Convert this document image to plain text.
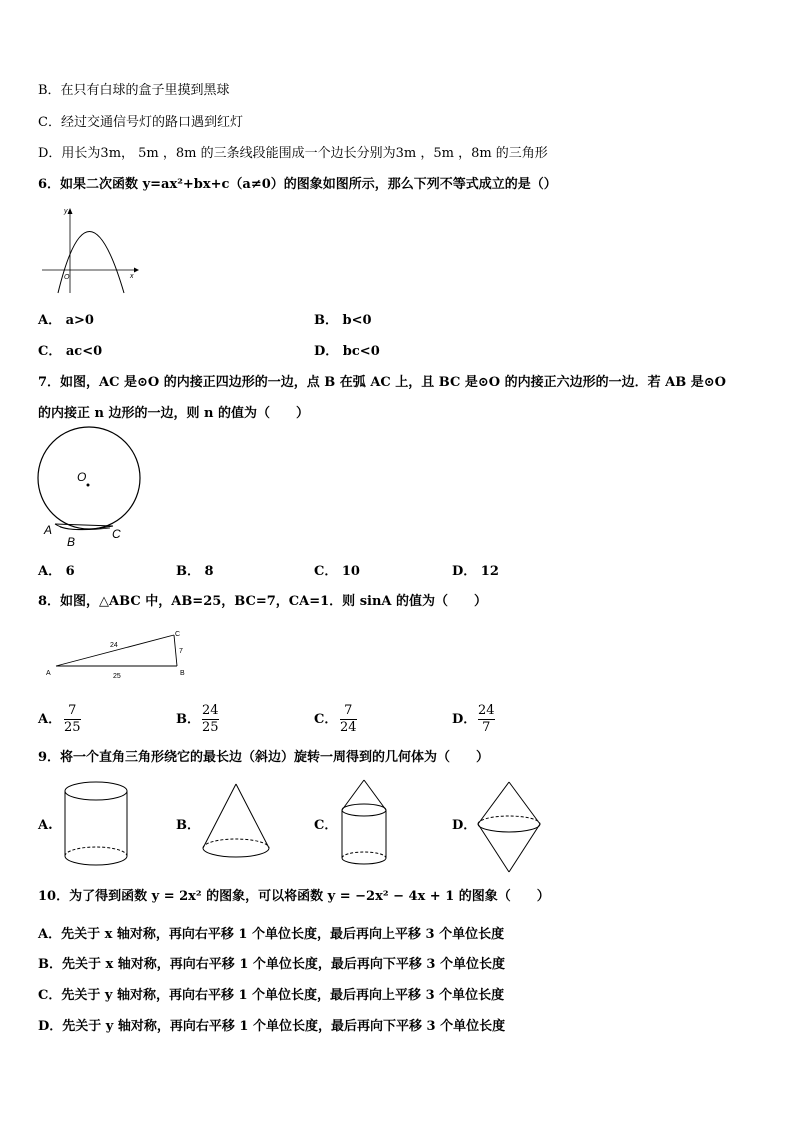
B．在只有白球的盒子里摸到黑球
C．经过交通信号灯的路口遇到红灯
D．用长为3m， 5m ，8m 的三条线段能围成一个边长分别为3m ，5m ，8m 的三角形
6．如果二次函数 y=ax²+bx+c（a≠0）的图象如图所示，那么下列不等式成立的是（）
y
x
O
A． a>0	B． b<0
C． ac<0	D． bc<0
7．如图，AC 是⊙O 的内接正四边形的一边，点 B 在弧 AC 上，且 BC 是⊙O 的内接正六边形的一边．若 AB 是⊙O
的内接正 n 边形的一边，则 n 的值为（　　）
O
A
B
C
A． 6	B． 8	C． 10	D． 12
8．如图，△ABC 中，AB=25，BC=7，CA=1．则 sinA 的值为（　　）
A	B
C
24
7
25
A．
7
25
B．
24
25
C．
7
24
D．
24
7
9．将一个直角三角形绕它的最长边（斜边）旋转一周得到的几何体为（　　）
A.	B．	C．	D．
10．为了得到函数 y = 2x² 的图象，可以将函数 y = −2x² − 4x + 1 的图象（　　）
A．先关于 x 轴对称，再向右平移 1 个单位长度，最后再向上平移 3 个单位长度
B．先关于 x 轴对称，再向右平移 1 个单位长度，最后再向下平移 3 个单位长度
C．先关于 y 轴对称，再向右平移 1 个单位长度，最后再向上平移 3 个单位长度
D．先关于 y 轴对称，再向右平移 1 个单位长度，最后再向下平移 3 个单位长度
